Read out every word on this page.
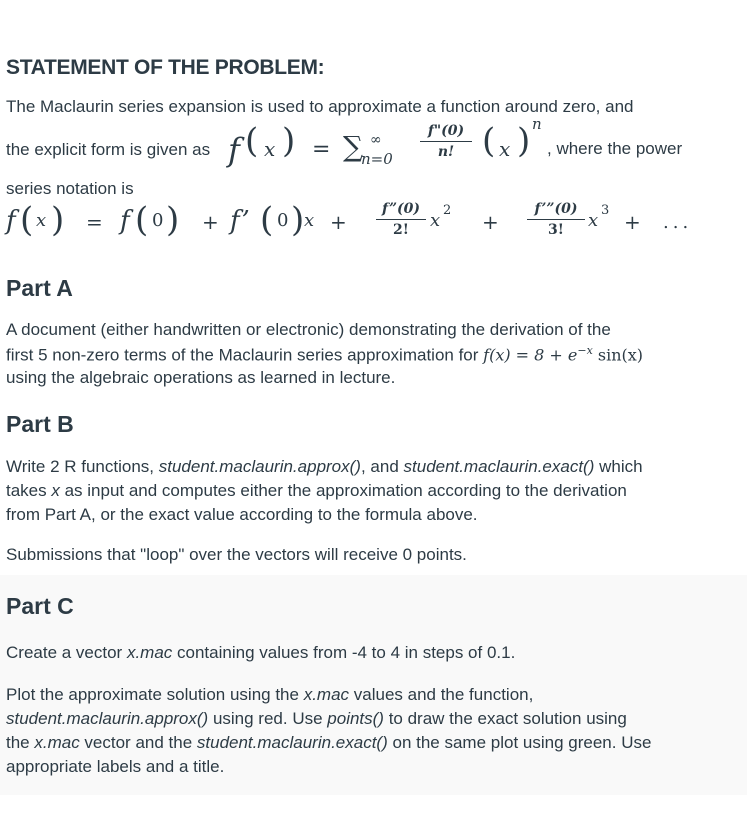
STATEMENT OF THE PROBLEM:
The Maclaurin series expansion is used to approximate a function around zero, and
the explicit form is given as f ( x ) = ∑ ∞
n=0
f"(0)
n! ( x ) n
, where the power
series notation is
f ( x ) = f ( 0 ) + f’ ( 0 ) x +
f”(0)
2!	x 2 +
f’”(0)
3!	x 3 + ...
Part A
A document (either handwritten or electronic) demonstrating the derivation of the
first 5 non-zero terms of the Maclaurin series approximation for $f(x) = 8 + e^{-x}$ sin(x)
using the algebraic operations as learned in lecture.
Part B
Write 2 R functions, student.maclaurin.approx(), and student.maclaurin.exact() which
takes x as input and computes either the approximation according to the derivation
from Part A, or the exact value according to the formula above.
Submissions that "loop" over the vectors will receive 0 points.
Part C
Create a vector x.mac containing values from -4 to 4 in steps of 0.1.
Plot the approximate solution using the x.mac values and the function,
student.maclaurin.approx() using red. Use points() to draw the exact solution using
the x.mac vector and the student.maclaurin.exact() on the same plot using green. Use
appropriate labels and a title.
